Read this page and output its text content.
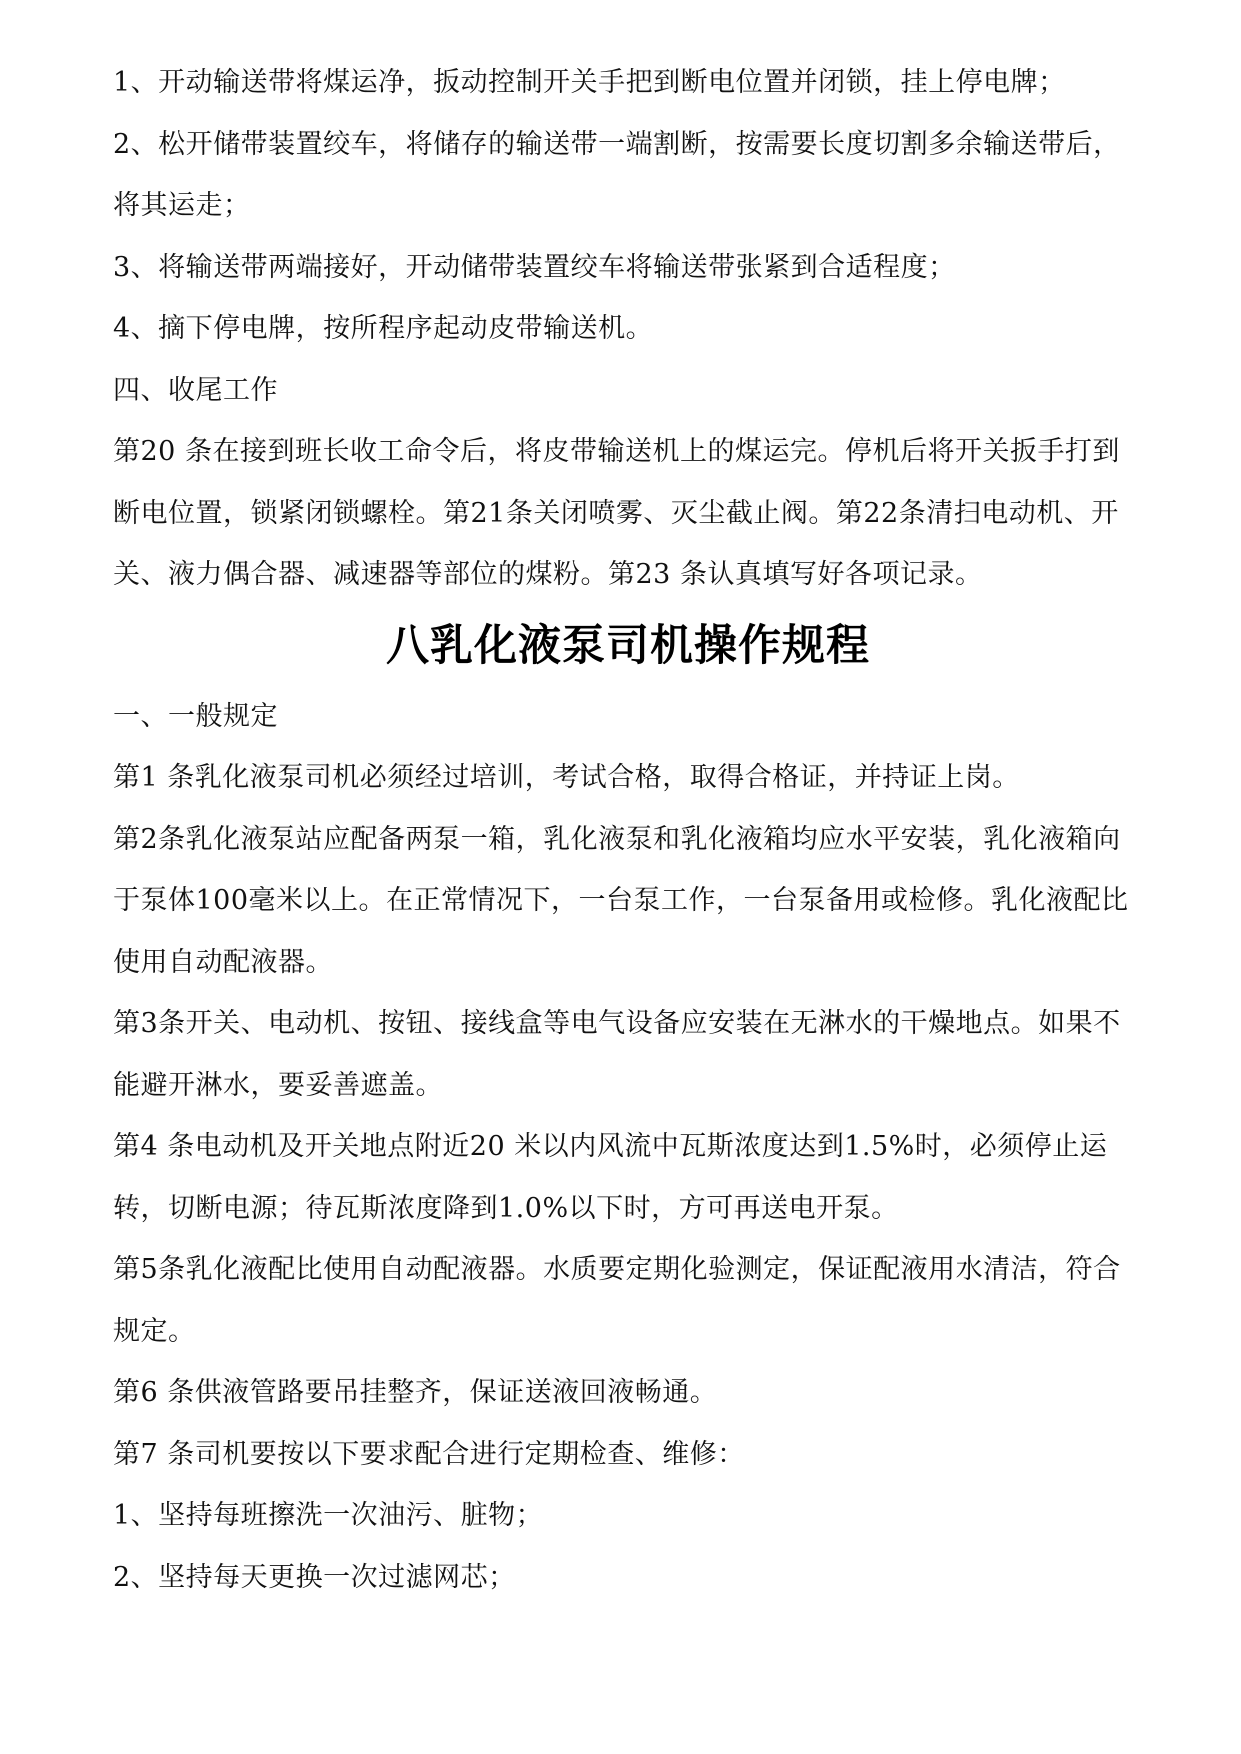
1、开动输送带将煤运净，扳动控制开关手把到断电位置并闭锁，挂上停电牌；

2、松开储带装置绞车，将储存的输送带一端割断，按需要长度切割多余输送带后，将其运走；

3、将输送带两端接好，开动储带装置绞车将输送带张紧到合适程度；

4、摘下停电牌，按所程序起动皮带输送机。

四、收尾工作

第20 条在接到班长收工命令后，将皮带输送机上的煤运完。停机后将开关扳手打到断电位置，锁紧闭锁螺栓。第21条关闭喷雾、灭尘截止阀。第22条清扫电动机、开关、液力偶合器、减速器等部位的煤粉。第23 条认真填写好各项记录。

八乳化液泵司机操作规程

一、一般规定

第1 条乳化液泵司机必须经过培训，考试合格，取得合格证，并持证上岗。

第2条乳化液泵站应配备两泵一箱，乳化液泵和乳化液箱均应水平安装，乳化液箱向于泵体100毫米以上。在正常情况下，一台泵工作，一台泵备用或检修。乳化液配比使用自动配液器。

第3条开关、电动机、按钮、接线盒等电气设备应安装在无淋水的干燥地点。如果不能避开淋水，要妥善遮盖。

第4 条电动机及开关地点附近20 米以内风流中瓦斯浓度达到1.5%时，必须停止运转，切断电源；待瓦斯浓度降到1.0%以下时，方可再送电开泵。

第5条乳化液配比使用自动配液器。水质要定期化验测定，保证配液用水清洁，符合规定。

第6 条供液管路要吊挂整齐，保证送液回液畅通。

第7 条司机要按以下要求配合进行定期检查、维修：

1、坚持每班擦洗一次油污、脏物；

2、坚持每天更换一次过滤网芯；
